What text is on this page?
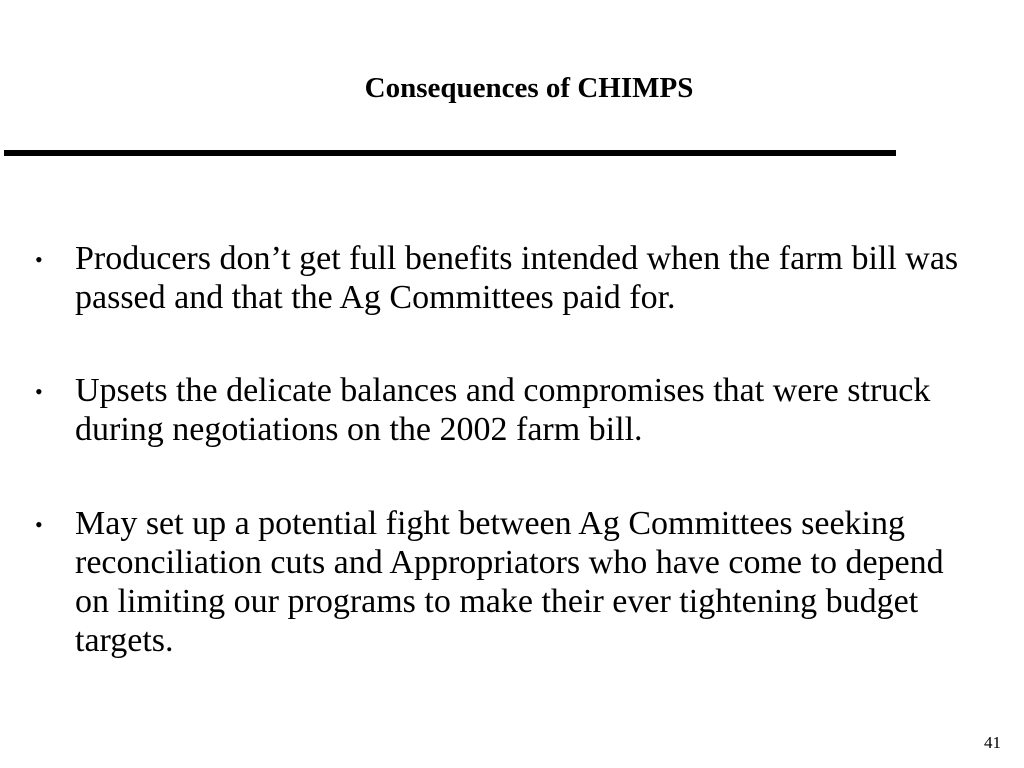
Consequences of CHIMPS
• Producers don’t get full benefits intended when the farm bill was passed and that the Ag Committees paid for.
• Upsets the delicate balances and compromises that were struck during negotiations on the 2002 farm bill.
• May set up a potential fight between Ag Committees seeking reconciliation cuts and Appropriators who have come to depend on limiting our programs to make their ever tightening budget targets.
41
